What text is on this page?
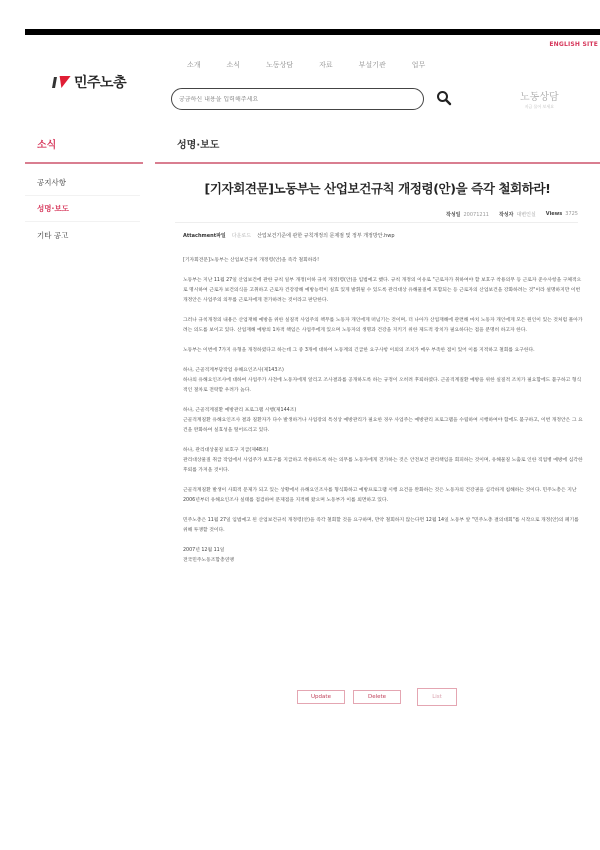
ENGLISH SITE
민주노총
소개	소식	노동상담	자료	부설기관	업무
궁금하신 내용을 입력해주세요
노동상담
지금 물어 보세요
소식
공지사항
성명·보도
기타 공고
성명·보도
[기자회견문]노동부는 산업보건규칙 개정령(안)을 즉각 철회하라!
작성일 20071211 작성자 대변인실 Views 3725
Attachment파일 다운로드 산업보건기준에 관한 규칙개정의 문제점 및 정부 개정방안.hwp

[기자회견문]노동부는 산업보건규칙 개정령(안)을 즉각 철회하라!

노동부는 지난 11월 27일 산업보건에 관한 규칙 일부 개정(이하 규칙 개정)령(안)을 입법예고 했다. 규칙 개정의 이유로 "근로자가 취하여야 할 보호구 착용의무 등 근로자 준수사항을 구체적으로 명시하여 근로자 보건의식을 고취하고 근로자 건강장해 예방능력이 실효 있게 발휘될 수 있도록 관리대상 유해물질에 포함되는 등 근로자의 산업보건을 강화하려는 것"이라 설명하지만 이번 개정안은 사업주의 의무를 근로자에게 전가하려는 것이라고 판단한다.

그러나 규칙개정의 내용은 산업재해 예방을 위한 실질적 사업주의 책무를 노동자 개인에게 떠넘기는 것이며, 더 나아가 산업재해에 관련해 마치 노동자 개인에게 모든 원인이 있는 것처럼 몰아가려는 의도를 보이고 있다. 산업재해 예방의 1차적 책임은 사업주에게 있으며 노동자의 생명과 건강을 지키기 위한 제도적 장치가 필요하다는 점을 분명히 하고자 한다.

노동부는 이번에 7가지 유형을 개정하였다고 하는데 그 중 3개에 대하여 노동계의 긴급한 요구사항 이외의 조치가 매우 부족한 점이 있어 이를 지적하고 철회를 요구한다.

하나, 근골격계부담작업 유해요인조사(제143조)

하나의 유해요인조사에 대하여 사업주가 사전에 노동자에게 알리고 조사결과를 공개하도록 하는 규정이 오히려 후퇴하였다. 근골격계질환 예방을 위한 실질적 조치가 필요함에도 불구하고 형식적인 절차로 전락할 우려가 높다.

하나, 근골격계질환 예방관리 프로그램 시행(제144조)

근골격계질환 유해요인조사 결과 질환자가 다수 발생하거나 사업장의 특성상 예방관리가 필요한 경우 사업주는 예방관리 프로그램을 수립하여 시행하여야 함에도 불구하고, 이번 개정안은 그 요건을 완화하여 실효성을 떨어뜨리고 있다.

하나, 관리대상물질 보호구 지급(제48조)

관리대상물질 취급 작업에서 사업주가 보호구를 지급하고 착용하도록 하는 의무를 노동자에게 전가하는 것은 안전보건 관리책임을 회피하는 것이며, 유해물질 노출로 인한 직업병 예방에 심각한 후퇴를 가져올 것이다.

근골격계질환 발생이 사회적 문제가 되고 있는 상황에서 유해요인조사를 형식화하고 예방프로그램 시행 요건을 완화하는 것은 노동자의 건강권을 심각하게 침해하는 것이다. 민주노총은 지난 2006년부터 유해요인조사 실태를 점검하여 문제점을 지적해 왔으며 노동부가 이를 외면하고 있다.

민주노총은 11월 27일 입법예고 된 산업보건규칙 개정령(안)을 즉각 철회할 것을 요구하며, 만약 철회하지 않는다면 12월 14일 노동부 앞 "민주노총 결의대회"를 시작으로 개정(안)의 폐기를 위해 투쟁할 것이다.

2007년 12월 11일

전국민주노동조합총연맹

Update	Delete	List
